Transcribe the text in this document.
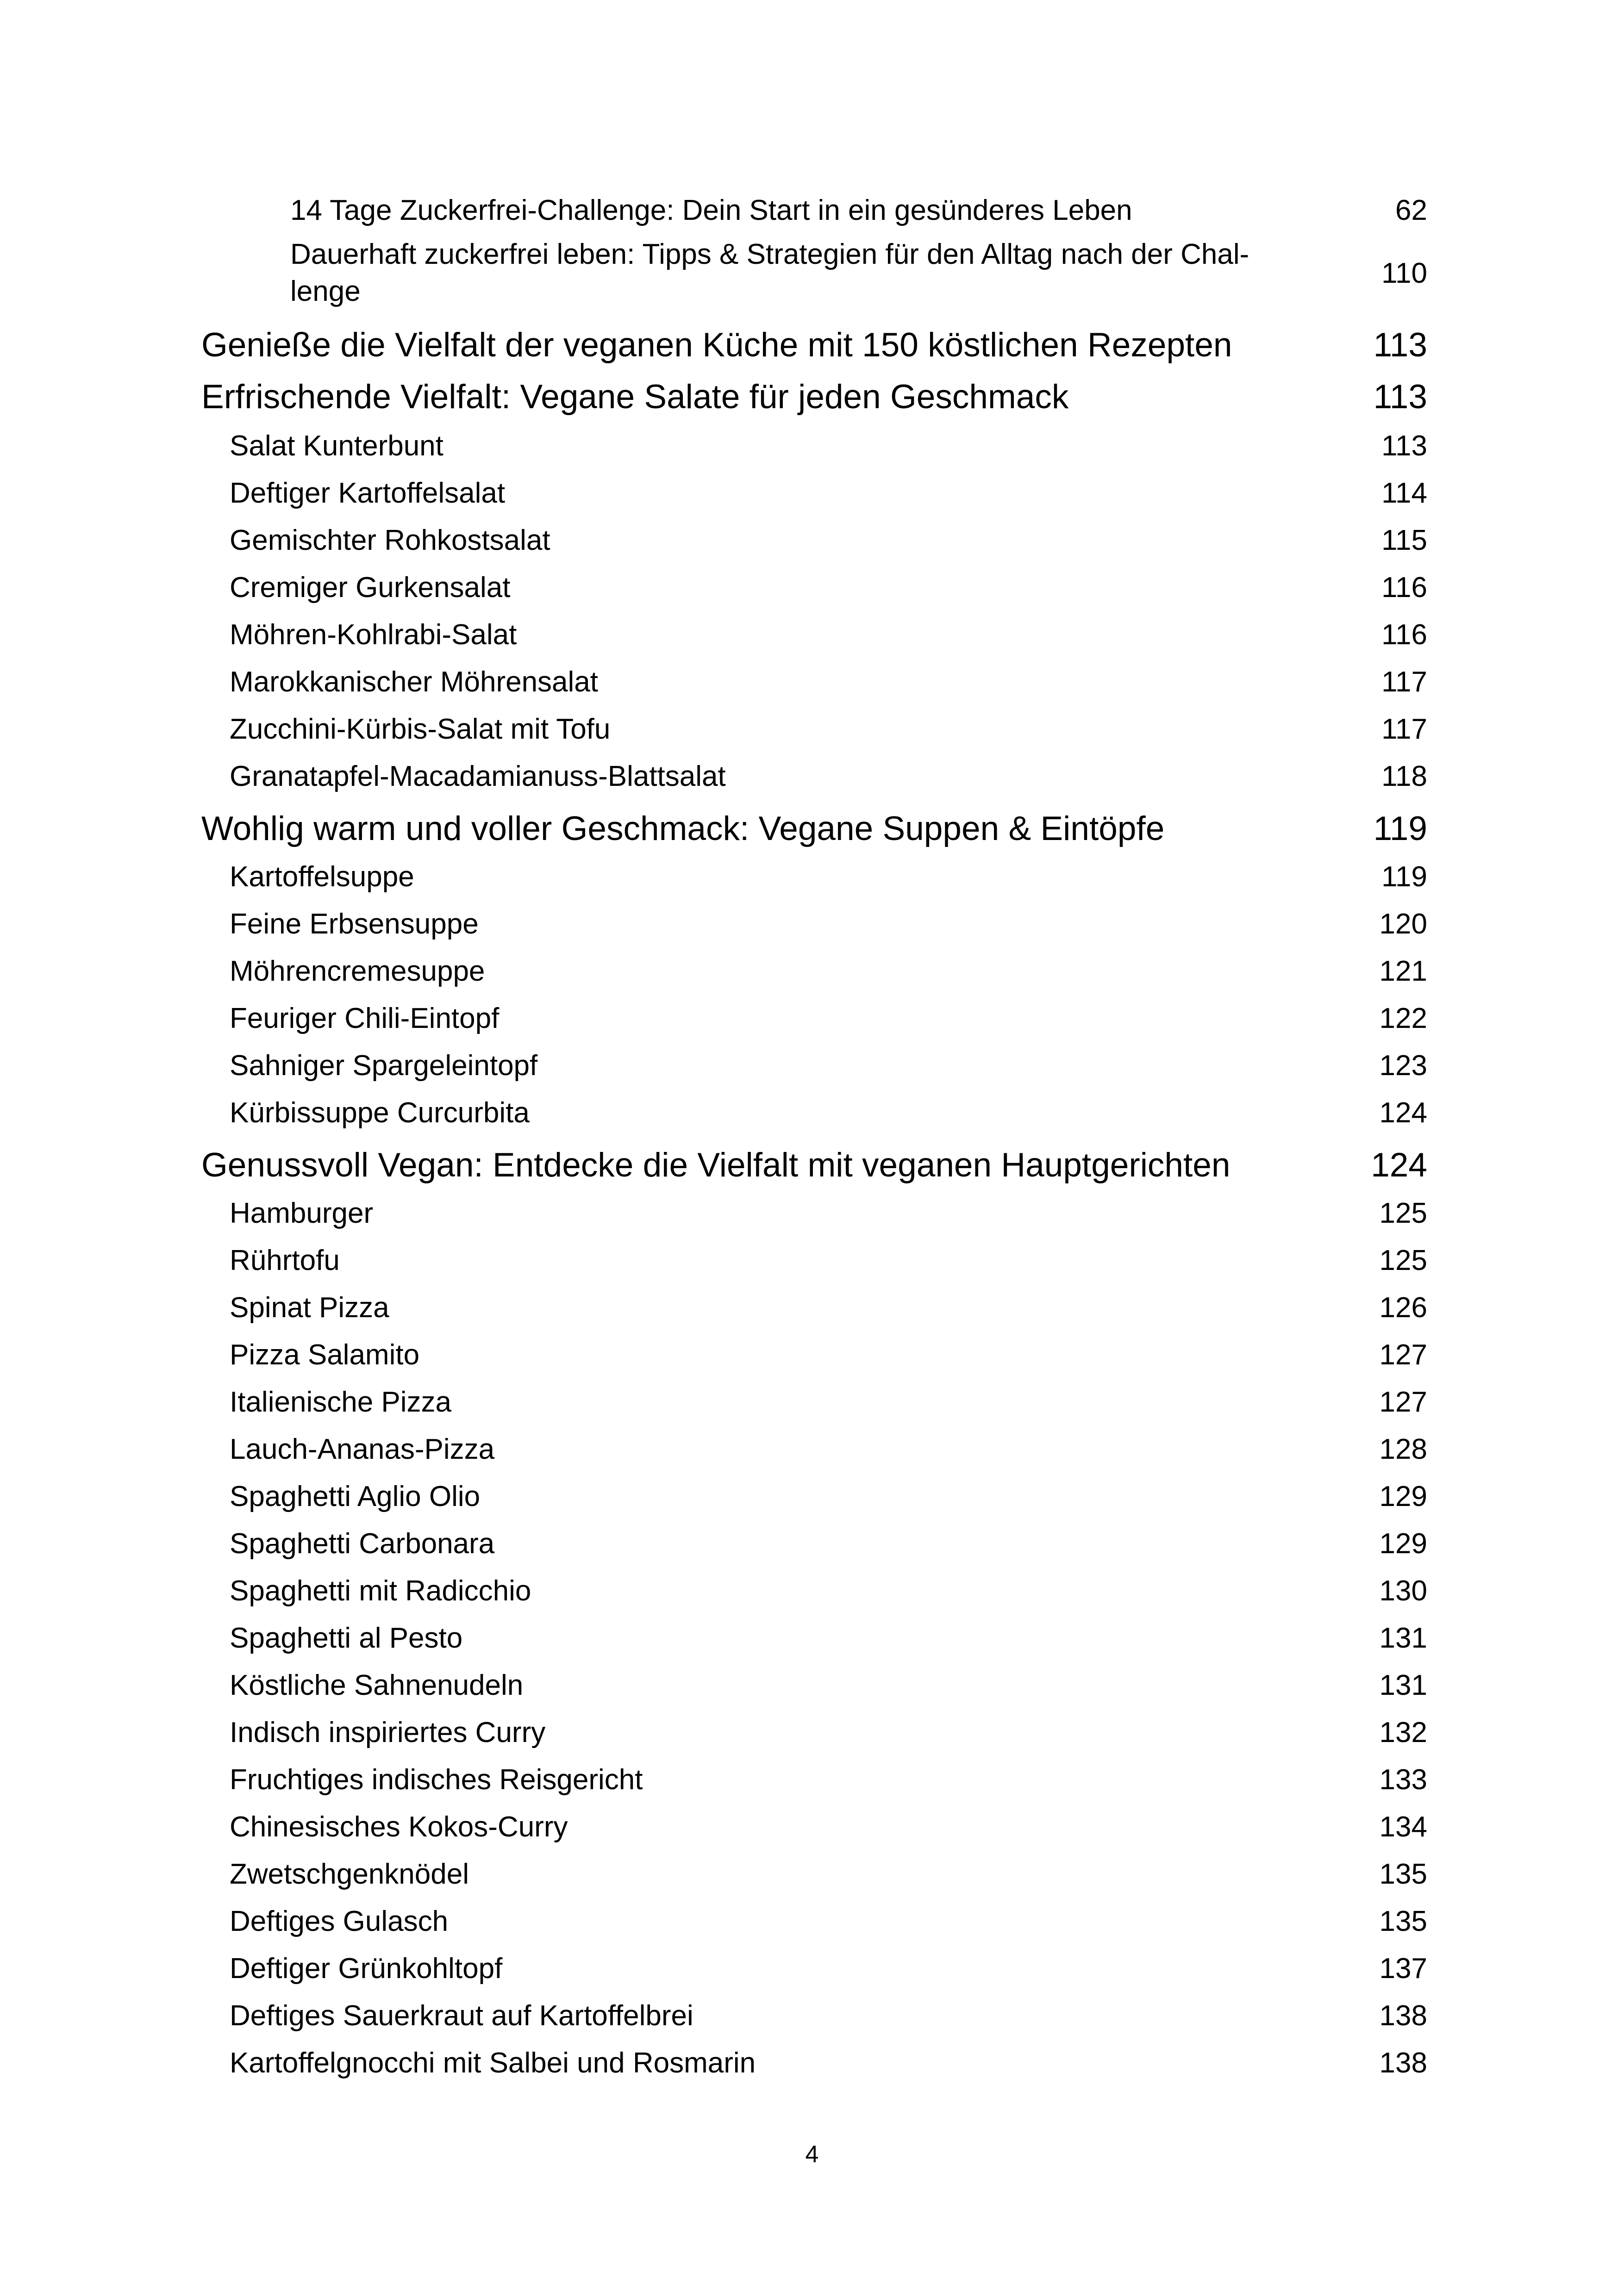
14 Tage Zuckerfrei-Challenge: Dein Start in ein gesünderes Leben	62
Dauerhaft zuckerfrei leben: Tipps & Strategien für den Alltag nach der Chal-
lenge
110
Genieße die Vielfalt der veganen Küche mit 150 köstlichen Rezepten	113
Erfrischende Vielfalt: Vegane Salate für jeden Geschmack	113
Salat Kunterbunt	113
Deftiger Kartoffelsalat	114
Gemischter Rohkostsalat	115
Cremiger Gurkensalat	116
Möhren-Kohlrabi-Salat	116
Marokkanischer Möhrensalat	117
Zucchini-Kürbis-Salat mit Tofu	117
Granatapfel-Macadamianuss-Blattsalat	118
Wohlig warm und voller Geschmack: Vegane Suppen & Eintöpfe	119
Kartoffelsuppe	119
Feine Erbsensuppe	120
Möhrencremesuppe	121
Feuriger Chili-Eintopf	122
Sahniger Spargeleintopf	123
Kürbissuppe Curcurbita	124
Genussvoll Vegan: Entdecke die Vielfalt mit veganen Hauptgerichten	124
Hamburger	125
Rührtofu	125
Spinat Pizza	126
Pizza Salamito	127
Italienische Pizza	127
Lauch-Ananas-Pizza	128
Spaghetti Aglio Olio	129
Spaghetti Carbonara	129
Spaghetti mit Radicchio	130
Spaghetti al Pesto	131
Köstliche Sahnenudeln	131
Indisch inspiriertes Curry	132
Fruchtiges indisches Reisgericht	133
Chinesisches Kokos-Curry	134
Zwetschgenknödel	135
Deftiges Gulasch	135
Deftiger Grünkohltopf	137
Deftiges Sauerkraut auf Kartoffelbrei	138
Kartoffelgnocchi mit Salbei und Rosmarin	138
4
